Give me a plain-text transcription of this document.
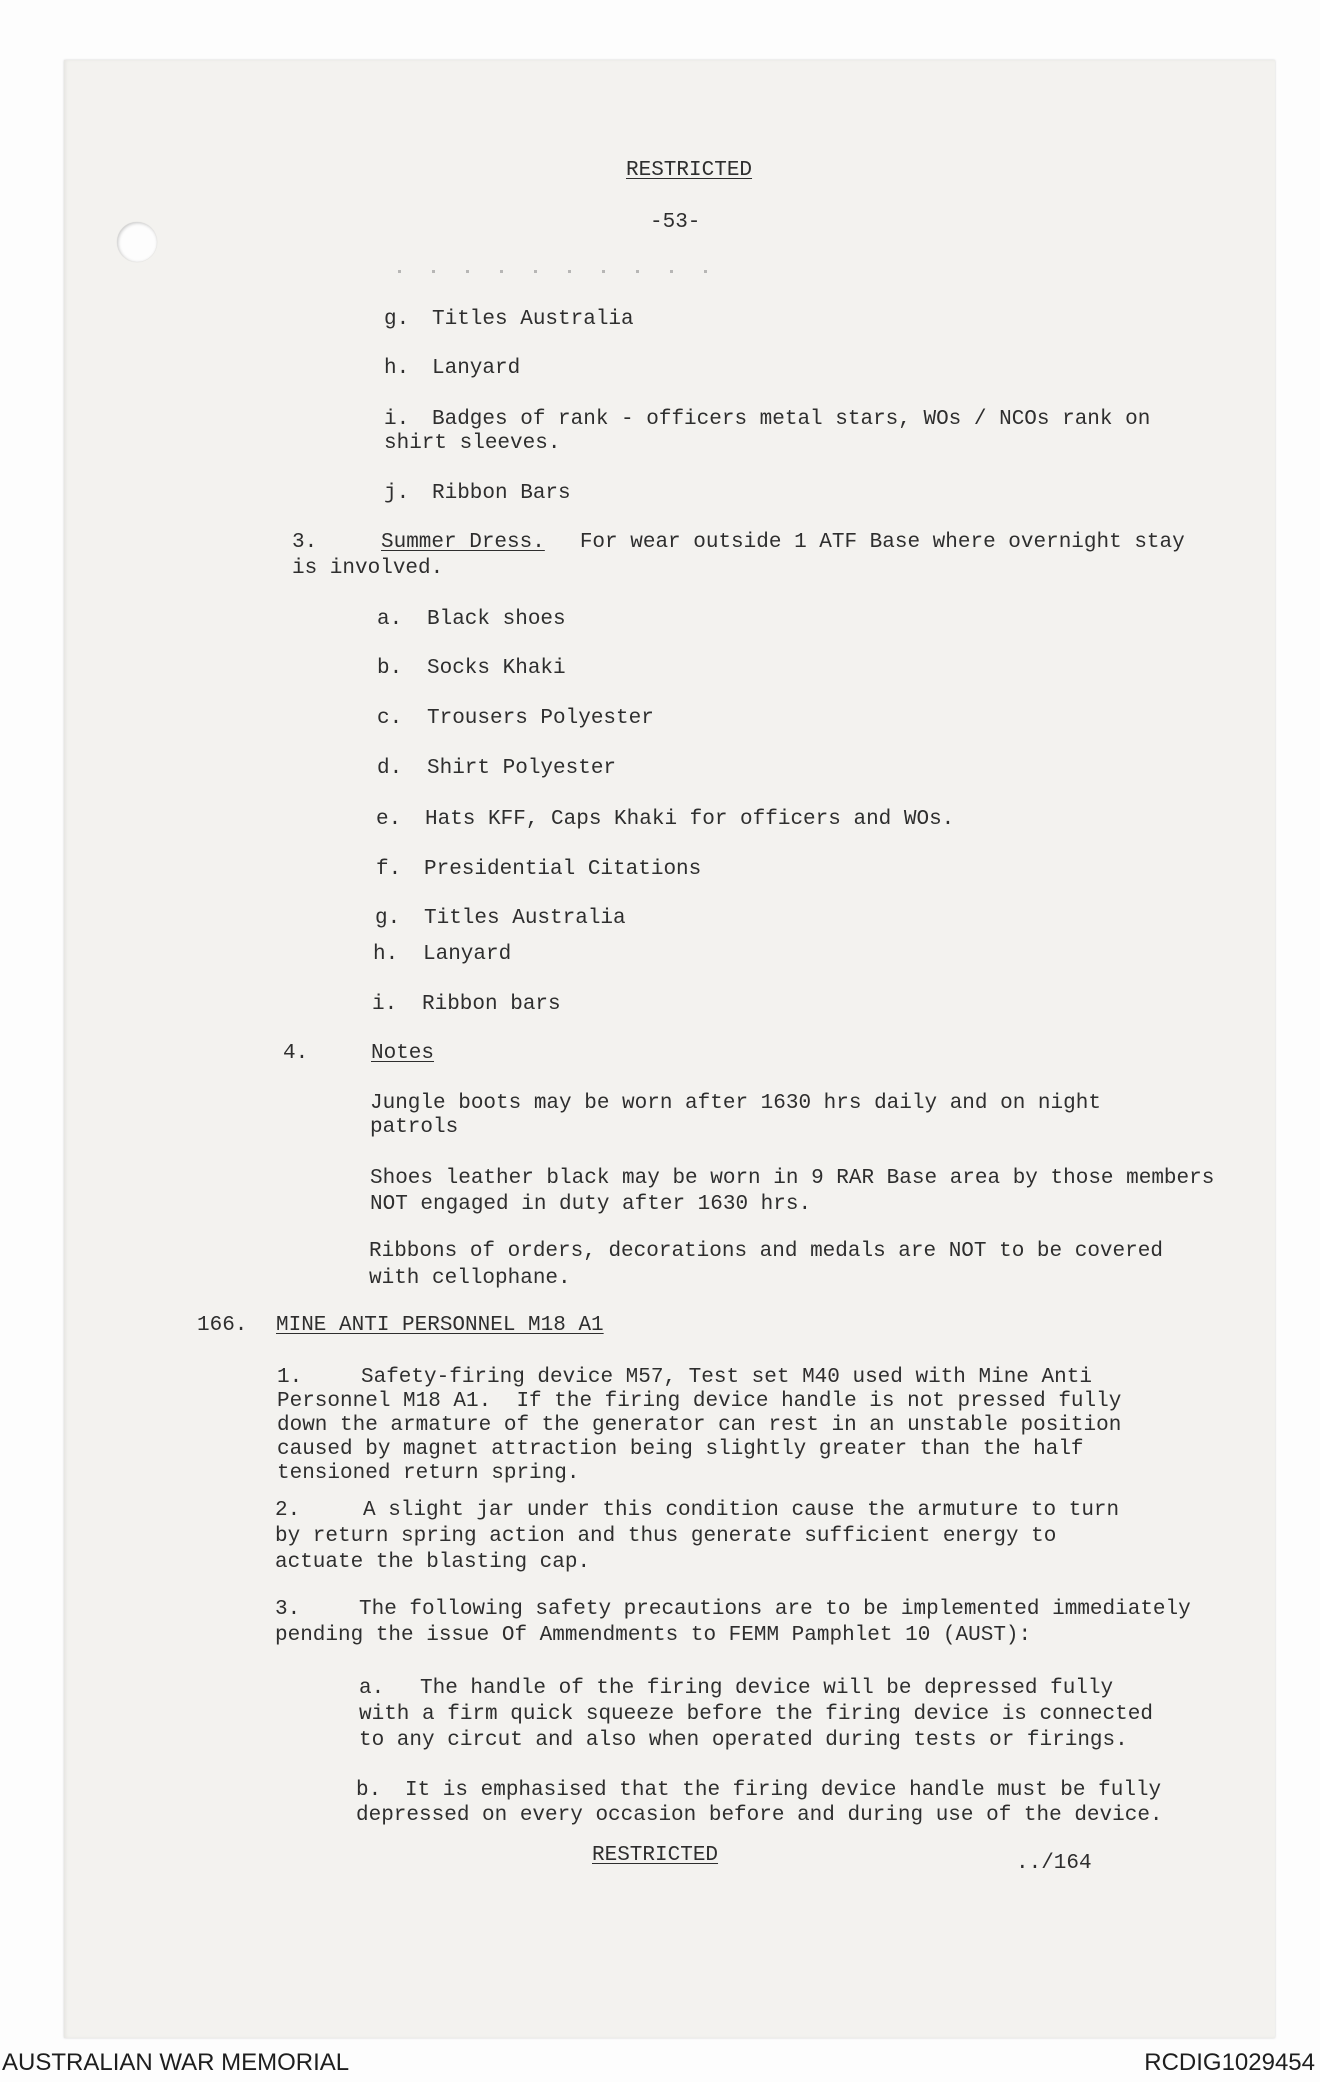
RESTRICTED
-53-
g. Titles Australia
h. Lanyard
i. Badges of rank - officers metal stars, WOs / NCOs rank on
shirt sleeves.
j. Ribbon Bars
3.	Summer Dress. For wear outside 1 ATF Base where overnight stay
is involved.
a. Black shoes
b. Socks Khaki
c. Trousers Polyester
d. Shirt Polyester
e. Hats KFF, Caps Khaki for officers and WOs.
f. Presidential Citations
g. Titles Australia
h. Lanyard
i. Ribbon bars
4.	Notes
Jungle boots may be worn after 1630 hrs daily and on night
patrols
Shoes leather black may be worn in 9 RAR Base area by those members
NOT engaged in duty after 1630 hrs.
Ribbons of orders, decorations and medals are NOT to be covered
with cellophane.
166. MINE ANTI PERSONNEL M18 A1
1.	Safety-firing device M57, Test set M40 used with Mine Anti
Personnel M18 A1.  If the firing device handle is not pressed fully
down the armature of the generator can rest in an unstable position
caused by magnet attraction being slightly greater than the half
tensioned return spring.
2.	A slight jar under this condition cause the armuture to turn
by return spring action and thus generate sufficient energy to
actuate the blasting cap.
3.	The following safety precautions are to be implemented immediately
pending the issue Of Ammendments to FEMM Pamphlet 10 (AUST):
a. The handle of the firing device will be depressed fully
with a firm quick squeeze before the firing device is connected
to any circut and also when operated during tests or firings.
b. It is emphasised that the firing device handle must be fully
depressed on every occasion before and during use of the device.
RESTRICTED	../164
AUSTRALIAN WAR MEMORIAL	RCDIG1029454
